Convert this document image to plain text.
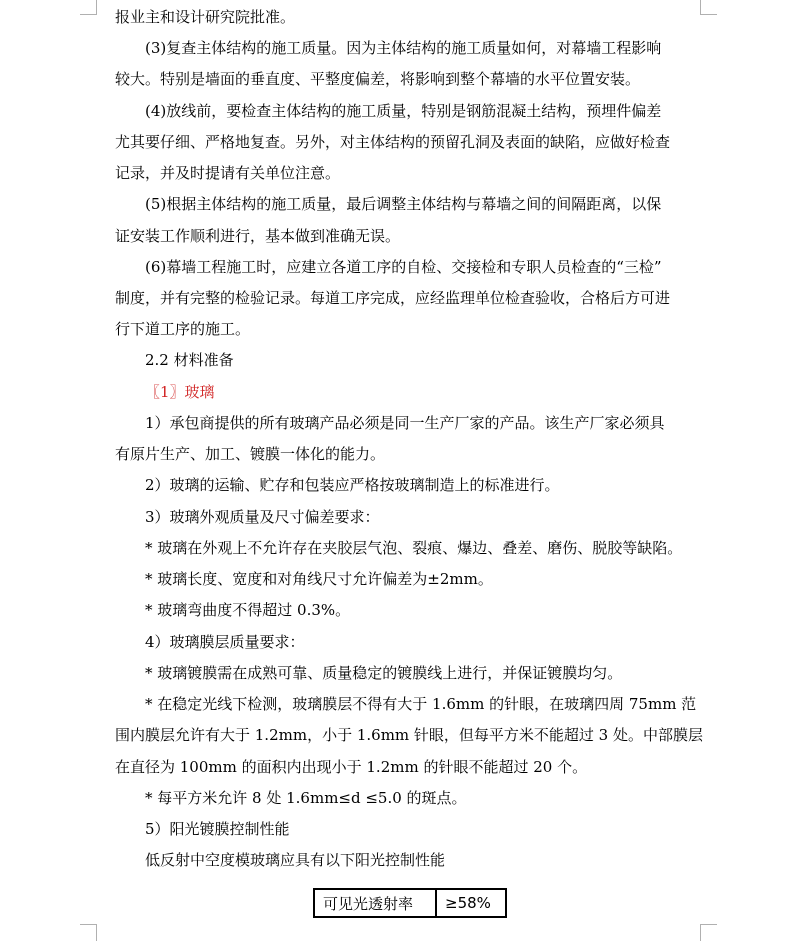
报业主和设计研究院批准。
(3)复查主体结构的施工质量。因为主体结构的施工质量如何，对幕墙工程影响
较大。特别是墙面的垂直度、平整度偏差，将影响到整个幕墙的水平位置安装。
(4)放线前，要检查主体结构的施工质量，特别是钢筋混凝土结构，预埋件偏差
尤其要仔细、严格地复查。另外，对主体结构的预留孔洞及表面的缺陷，应做好检查
记录，并及时提请有关单位注意。
(5)根据主体结构的施工质量，最后调整主体结构与幕墙之间的间隔距离，以保
证安装工作顺利进行，基本做到准确无误。
(6)幕墙工程施工时，应建立各道工序的自检、交接检和专职人员检查的“三检”
制度，并有完整的检验记录。每道工序完成，应经监理单位检查验收，合格后方可进
行下道工序的施工。
2.2 材料准备
〖1〗玻璃
1）承包商提供的所有玻璃产品必须是同一生产厂家的产品。该生产厂家必须具
有原片生产、加工、镀膜一体化的能力。
2）玻璃的运输、贮存和包装应严格按玻璃制造上的标准进行。
3）玻璃外观质量及尺寸偏差要求：
* 玻璃在外观上不允许存在夹胶层气泡、裂痕、爆边、叠差、磨伤、脱胶等缺陷。
* 玻璃长度、宽度和对角线尺寸允许偏差为±2mm。
* 玻璃弯曲度不得超过 0.3%。
4）玻璃膜层质量要求：
* 玻璃镀膜需在成熟可靠、质量稳定的镀膜线上进行，并保证镀膜均匀。
* 在稳定光线下检测，玻璃膜层不得有大于 1.6mm 的针眼，在玻璃四周 75mm 范
围内膜层允许有大于 1.2mm，小于 1.6mm 针眼，但每平方米不能超过 3 处。中部膜层
在直径为 100mm 的面积内出现小于 1.2mm 的针眼不能超过 20 个。
* 每平方米允许 8 处 1.6mm≤d ≤5.0 的斑点。
5）阳光镀膜控制性能
低反射中空度模玻璃应具有以下阳光控制性能
可见光透射率	≥58%
